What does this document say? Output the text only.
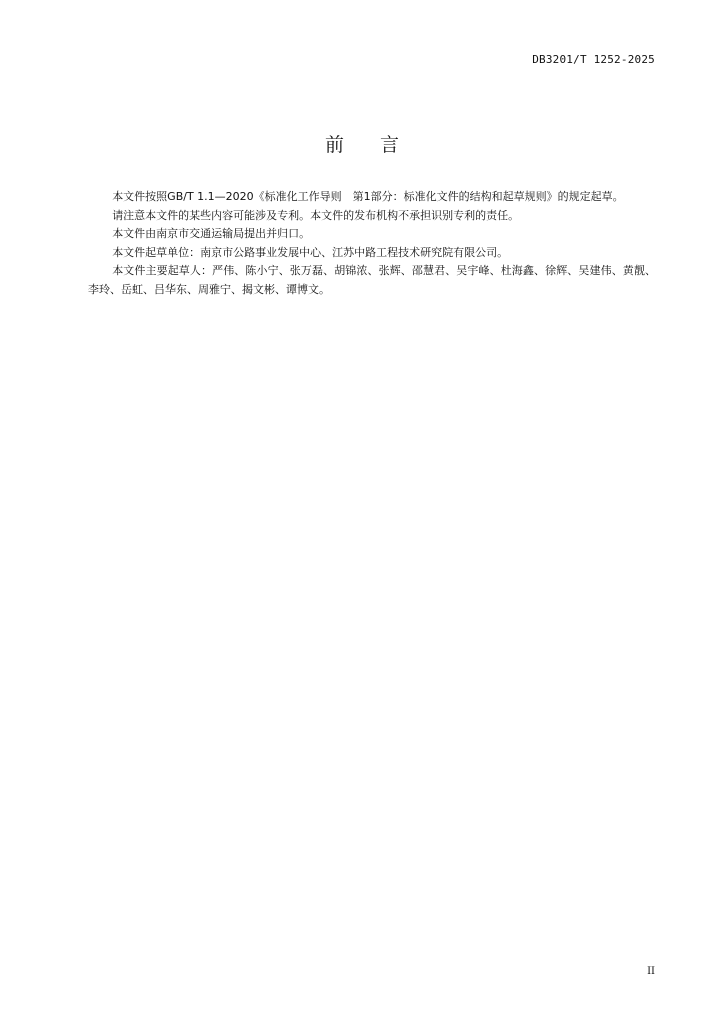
DB3201/T 1252-2025
前言

本文件按照GB/T 1.1—2020《标准化工作导则　第1部分：标准化文件的结构和起草规则》的规定起草。

请注意本文件的某些内容可能涉及专利。本文件的发布机构不承担识别专利的责任。

本文件由南京市交通运输局提出并归口。

本文件起草单位：南京市公路事业发展中心、江苏中路工程技术研究院有限公司。

本文件主要起草人：严伟、陈小宁、张万磊、胡锦浓、张辉、邵慧君、吴宇峰、杜海鑫、徐辉、吴建伟、黄靓、李玲、岳虹、吕华东、周雅宁、揭文彬、谭博文。

II
